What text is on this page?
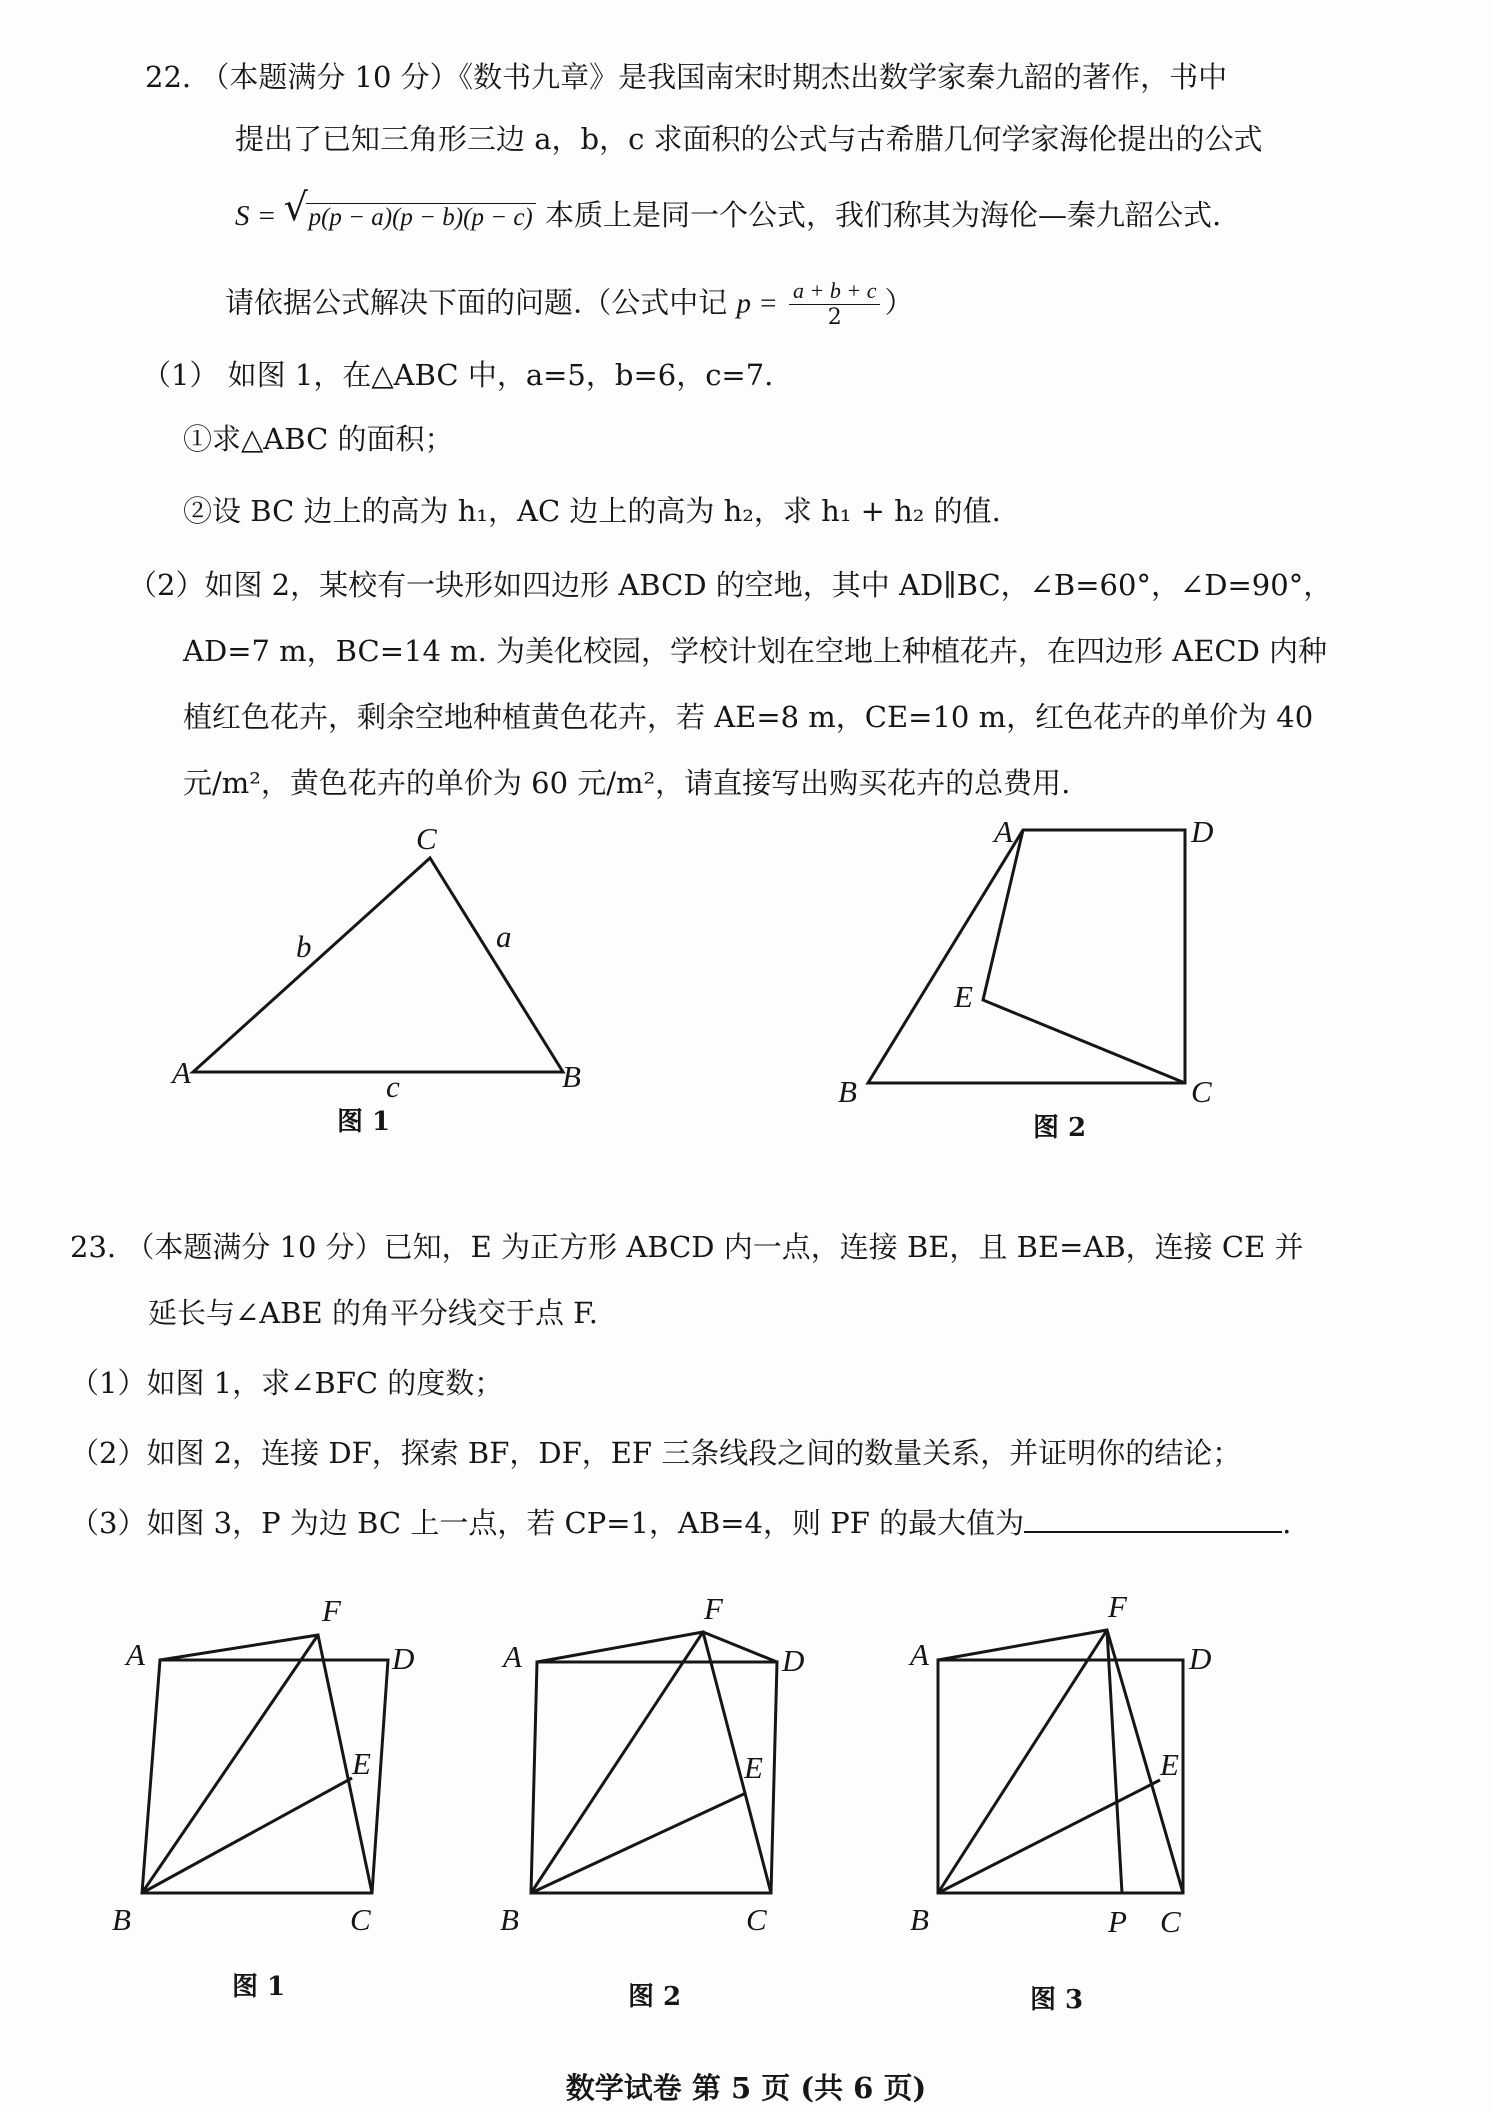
22. （本题满分 10 分）《数书九章》是我国南宋时期杰出数学家秦九韶的著作，书中
提出了已知三角形三边 a，b，c 求面积的公式与古希腊几何学家海伦提出的公式
S = √ p(p − a)(p − b)(p − c) 本质上是同一个公式，我们称其为海伦—秦九韶公式.
请依据公式解决下面的问题.（公式中记 $p = \frac{a + b + c}{2}$ ）
（1） 如图 1，在△ABC 中，a=5，b=6，c=7.
①求△ABC 的面积；
②设 BC 边上的高为 h₁，AC 边上的高为 h₂，求 h₁ + h₂ 的值.
（2）如图 2，某校有一块形如四边形 ABCD 的空地，其中 AD∥BC，∠B=60°，∠D=90°，
AD=7 m，BC=14 m. 为美化校园，学校计划在空地上种植花卉，在四边形 AECD 内种
植红色花卉，剩余空地种植黄色花卉，若 AE=8 m，CE=10 m，红色花卉的单价为 40
元/m²，黄色花卉的单价为 60 元/m²，请直接写出购买花卉的总费用.
A	B
C
b	a
c
图 1
A	D
E
B	C
图 2
23. （本题满分 10 分）已知，E 为正方形 ABCD 内一点，连接 BE，且 BE=AB，连接 CE 并
延长与∠ABE 的角平分线交于点 F.
（1）如图 1，求∠BFC 的度数；
（2）如图 2，连接 DF，探索 BF，DF，EF 三条线段之间的数量关系，并证明你的结论；
（3）如图 3，P 为边 BC 上一点，若 CP=1，AB=4，则 PF 的最大值为	.
A	D
F
E
B	C
图 1
A	D
F
E
B	C
图 2
A	D
F
E
B	P C
图 3
数学试卷 第 5 页 (共 6 页)
